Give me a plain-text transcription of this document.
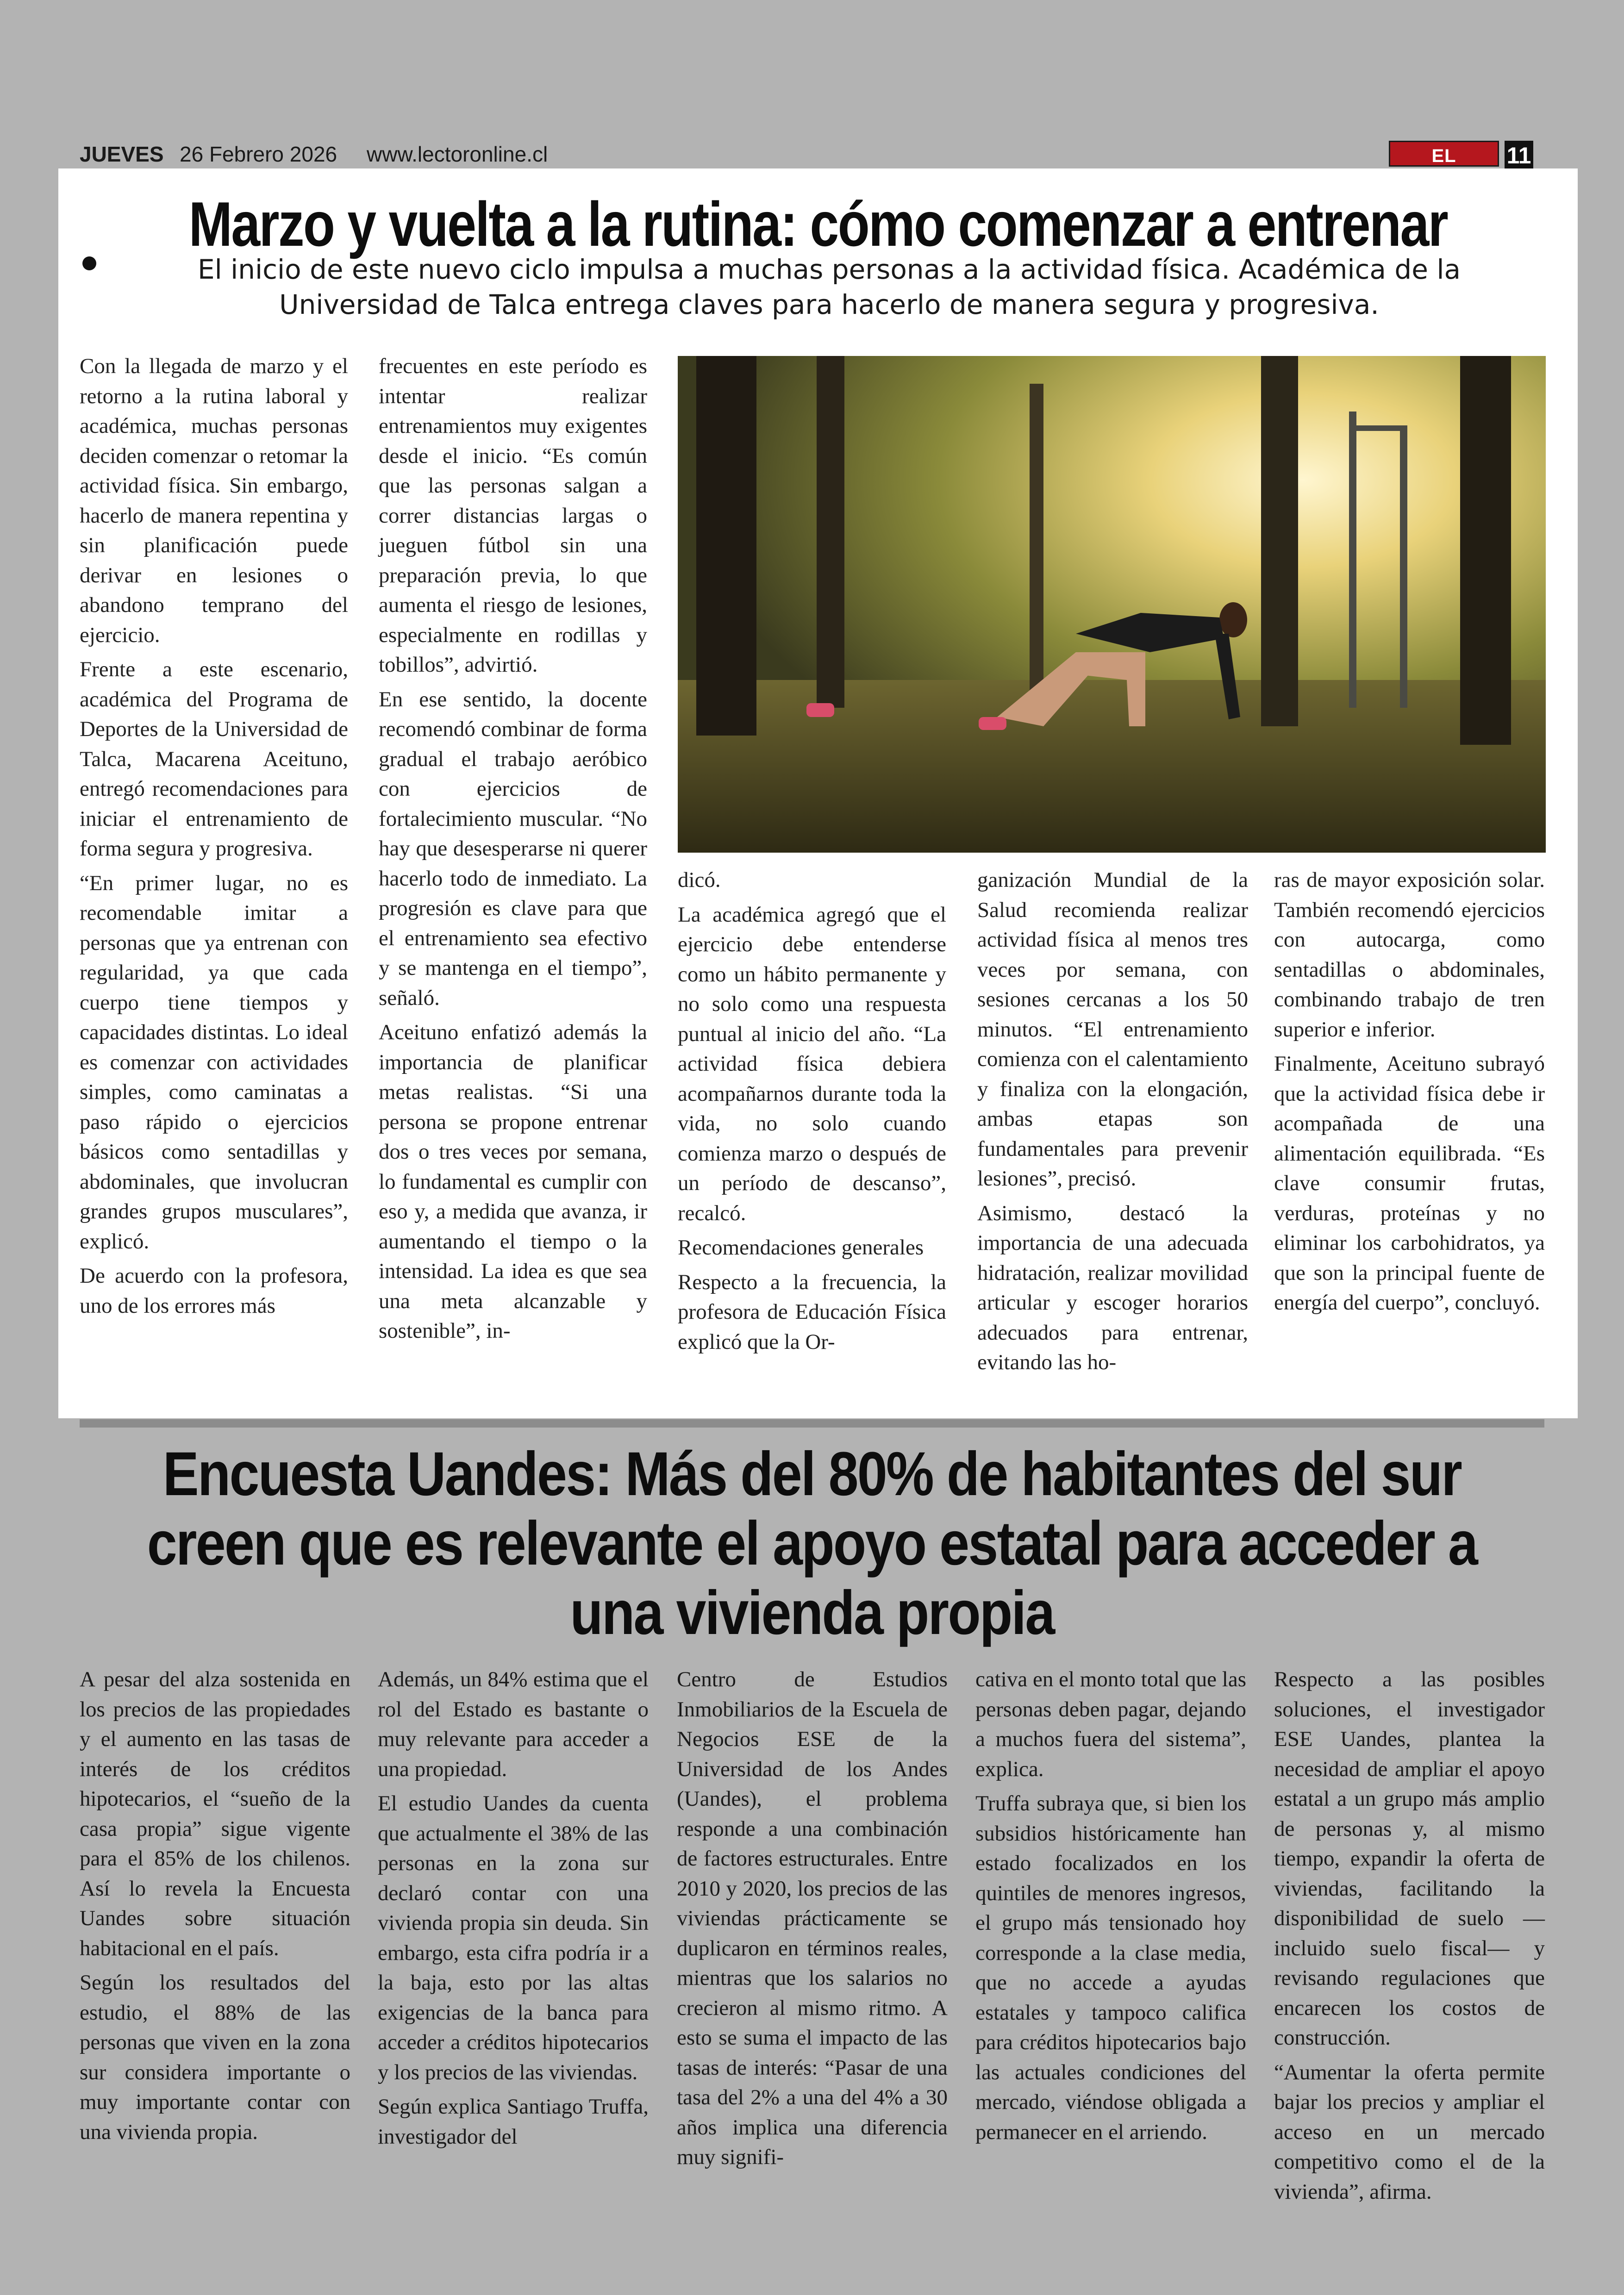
JUEVES 26 Febrero 2026 www.lectoronline.cl	EL	11
Marzo y vuelta a la rutina: cómo comenzar a entrenar
El inicio de este nuevo ciclo impulsa a muchas personas a la actividad física. Académica de la Universidad de Talca entrega claves para hacerlo de manera segura y progresiva.

Con la llegada de marzo y el retorno a la rutina laboral y académica, muchas personas deciden comenzar o retomar la actividad física. Sin embargo, hacerlo de manera repentina y sin planificación puede derivar en lesiones o abandono temprano del ejercicio.

Frente a este escenario, académica del Programa de Deportes de la Universidad de Talca, Macarena Aceituno, entregó recomendaciones para iniciar el entrenamiento de forma segura y progresiva.

“En primer lugar, no es recomendable imitar a personas que ya entrenan con regularidad, ya que cada cuerpo tiene tiempos y capacidades distintas. Lo ideal es comenzar con actividades simples, como caminatas a paso rápido o ejercicios básicos como sentadillas y abdominales, que involucran grandes grupos musculares”, explicó.

De acuerdo con la profesora, uno de los errores más

frecuentes en este período es intentar realizar entrenamientos muy exigentes desde el inicio. “Es común que las personas salgan a correr distancias largas o jueguen fútbol sin una preparación previa, lo que aumenta el riesgo de lesiones, especialmente en rodillas y tobillos”, advirtió.

En ese sentido, la docente recomendó combinar de forma gradual el trabajo aeróbico con ejercicios de fortalecimiento muscular. “No hay que desesperarse ni querer hacerlo todo de inmediato. La progresión es clave para que el entrenamiento sea efectivo y se mantenga en el tiempo”, señaló.

Aceituno enfatizó además la importancia de planificar metas realistas. “Si una persona se propone entrenar dos o tres veces por semana, lo fundamental es cumplir con eso y, a medida que avanza, ir aumentando el tiempo o la intensidad. La idea es que sea una meta alcanzable y sostenible”, in-

dicó.

La académica agregó que el ejercicio debe entenderse como un hábito permanente y no solo como una respuesta puntual al inicio del año. “La actividad física debiera acompañarnos durante toda la vida, no solo cuando comienza marzo o después de un período de descanso”, recalcó.

Recomendaciones generales

Respecto a la frecuencia, la profesora de Educación Física explicó que la Or-

ganización Mundial de la Salud recomienda realizar actividad física al menos tres veces por semana, con sesiones cercanas a los 50 minutos. “El entrenamiento comienza con el calentamiento y finaliza con la elongación, ambas etapas son fundamentales para prevenir lesiones”, precisó.

Asimismo, destacó la importancia de una adecuada hidratación, realizar movilidad articular y escoger horarios adecuados para entrenar, evitando las ho-

ras de mayor exposición solar. También recomendó ejercicios con autocarga, como sentadillas o abdominales, combinando trabajo de tren superior e inferior.

Finalmente, Aceituno subrayó que la actividad física debe ir acompañada de una alimentación equilibrada. “Es clave consumir frutas, verduras, proteínas y no eliminar los carbohidratos, ya que son la principal fuente de energía del cuerpo”, concluyó.

Encuesta Uandes: Más del 80% de habitantes del sur creen que es relevante el apoyo estatal para acceder a una vivienda propia

A pesar del alza sostenida en los precios de las propiedades y el aumento en las tasas de interés de los créditos hipotecarios, el “sueño de la casa propia” sigue vigente para el 85% de los chilenos. Así lo revela la Encuesta Uandes sobre situación habitacional en el país.

Según los resultados del estudio, el 88% de las personas que viven en la zona sur considera importante o muy importante contar con una vivienda propia.

Además, un 84% estima que el rol del Estado es bastante o muy relevante para acceder a una propiedad.

El estudio Uandes da cuenta que actualmente el 38% de las personas en la zona sur declaró contar con una vivienda propia sin deuda. Sin embargo, esta cifra podría ir a la baja, esto por las altas exigencias de la banca para acceder a créditos hipotecarios y los precios de las viviendas.

Según explica Santiago Truffa, investigador del

Centro de Estudios Inmobiliarios de la Escuela de Negocios ESE de la Universidad de los Andes (Uandes), el problema responde a una combinación de factores estructurales. Entre 2010 y 2020, los precios de las viviendas prácticamente se duplicaron en términos reales, mientras que los salarios no crecieron al mismo ritmo. A esto se suma el impacto de las tasas de interés: “Pasar de una tasa del 2% a una del 4% a 30 años implica una diferencia muy signifi-

cativa en el monto total que las personas deben pagar, dejando a muchos fuera del sistema”, explica.

Truffa subraya que, si bien los subsidios históricamente han estado focalizados en los quintiles de menores ingresos, el grupo más tensionado hoy corresponde a la clase media, que no accede a ayudas estatales y tampoco califica para créditos hipotecarios bajo las actuales condiciones del mercado, viéndose obligada a permanecer en el arriendo.

Respecto a las posibles soluciones, el investigador ESE Uandes, plantea la necesidad de ampliar el apoyo estatal a un grupo más amplio de personas y, al mismo tiempo, expandir la oferta de viviendas, facilitando la disponibilidad de suelo —incluido suelo fiscal— y revisando regulaciones que encarecen los costos de construcción.

“Aumentar la oferta permite bajar los precios y ampliar el acceso en un mercado competitivo como el de la vivienda”, afirma.
